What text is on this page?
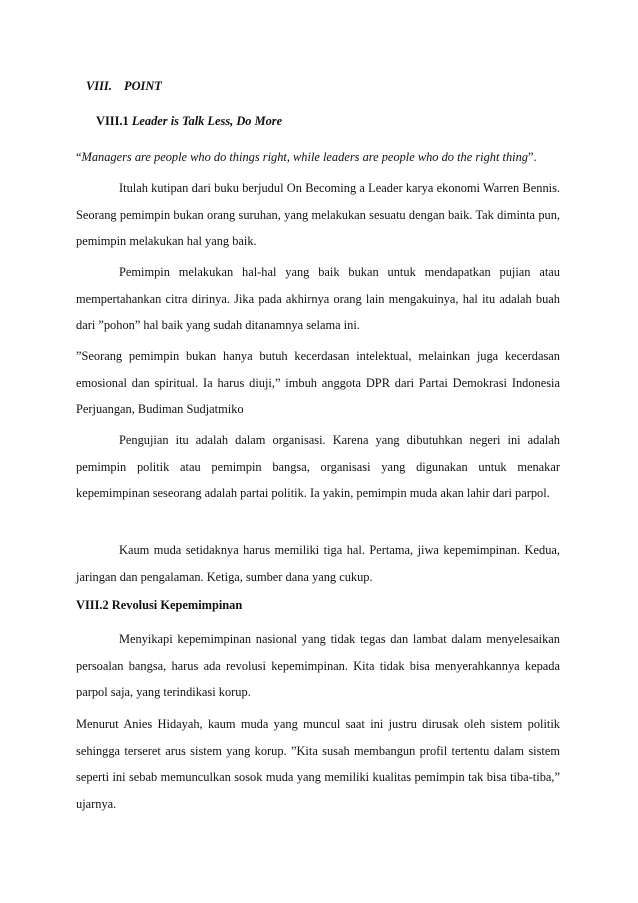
VIII. POINT
VIII.1 Leader is Talk Less, Do More
“Managers are people who do things right, while leaders are people who do the right thing”.

Itulah kutipan dari buku berjudul On Becoming a Leader karya ekonomi Warren Bennis. Seorang pemimpin bukan orang suruhan, yang melakukan sesuatu dengan baik. Tak diminta pun, pemimpin melakukan hal yang baik.

Pemimpin melakukan hal-hal yang baik bukan untuk mendapatkan pujian atau mempertahankan citra dirinya. Jika pada akhirnya orang lain mengakuinya, hal itu adalah buah dari ”pohon” hal baik yang sudah ditanamnya selama ini.

”Seorang pemimpin bukan hanya butuh kecerdasan intelektual, melainkan juga kecerdasan emosional dan spiritual. Ia harus diuji,” imbuh anggota DPR dari Partai Demokrasi Indonesia Perjuangan, Budiman Sudjatmiko

Pengujian itu adalah dalam organisasi. Karena yang dibutuhkan negeri ini adalah pemimpin politik atau pemimpin bangsa, organisasi yang digunakan untuk menakar kepemimpinan seseorang adalah partai politik. Ia yakin, pemimpin muda akan lahir dari parpol.

Kaum muda setidaknya harus memiliki tiga hal. Pertama, jiwa kepemimpinan. Kedua, jaringan dan pengalaman. Ketiga, sumber dana yang cukup.

VIII.2 Revolusi Kepemimpinan

Menyikapi kepemimpinan nasional yang tidak tegas dan lambat dalam menyelesaikan persoalan bangsa, harus ada revolusi kepemimpinan. Kita tidak bisa menyerahkannya kepada parpol saja, yang terindikasi korup.

Menurut Anies Hidayah, kaum muda yang muncul saat ini justru dirusak oleh sistem politik sehingga terseret arus sistem yang korup. ”Kita susah membangun profil tertentu dalam sistem seperti ini sebab memunculkan sosok muda yang memiliki kualitas pemimpin tak bisa tiba-tiba,” ujarnya.
